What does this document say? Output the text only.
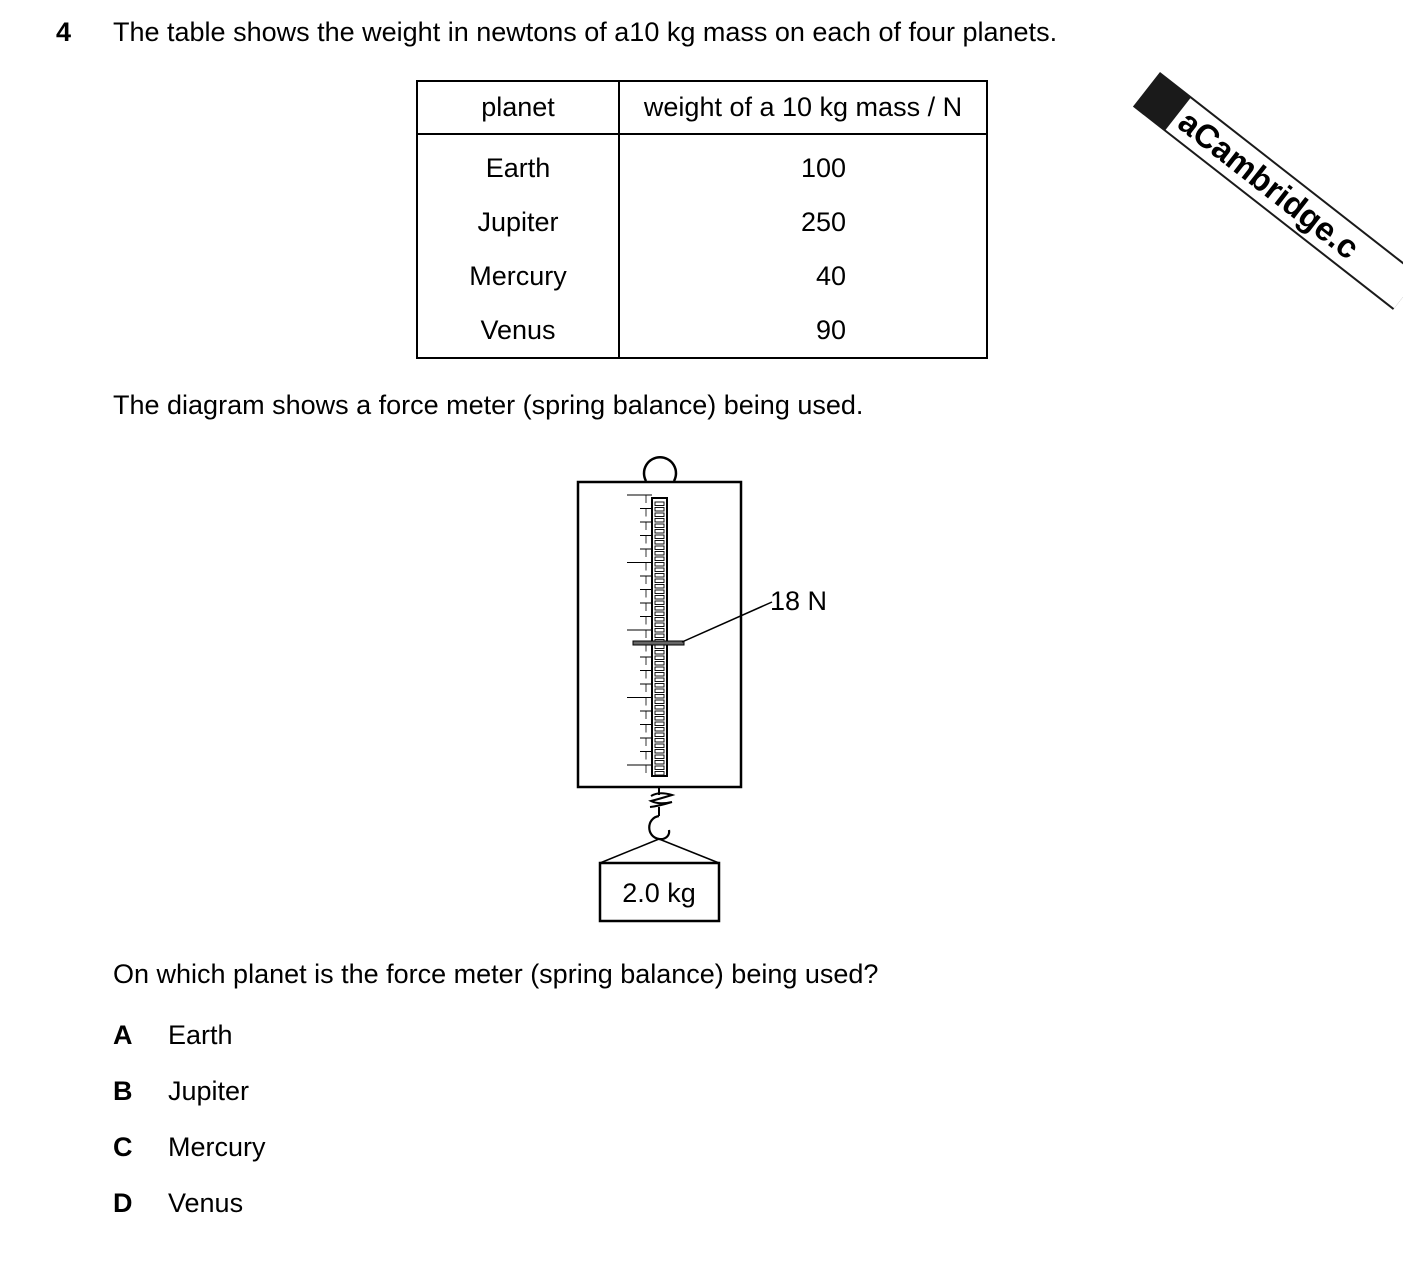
4 The table shows the weight in newtons of a10 kg mass on each of four planets.
planet	weight of a 10 kg mass / N
Earth	100
Jupiter	250
Mercury	40
Venus	90
aCambridge.c
The diagram shows a force meter (spring balance) being used.
18 N
2.0 kg
On which planet is the force meter (spring balance) being used?
A Earth
B Jupiter
C Mercury
D Venus
